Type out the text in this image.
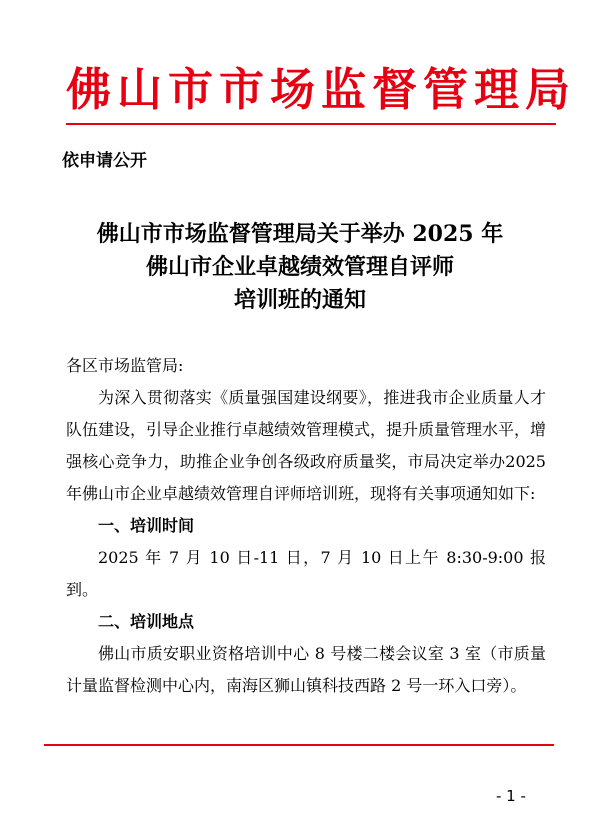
佛山市市场监督管理局
依申请公开
佛山市市场监督管理局关于举办 2025 年
佛山市企业卓越绩效管理自评师
培训班的通知
各区市场监管局:
为深入贯彻落实《质量强国建设纲要》，推进我市企业质量人才队伍建设，引导企业推行卓越绩效管理模式，提升质量管理水平，增强核心竞争力，助推企业争创各级政府质量奖，市局决定举办2025年佛山市企业卓越绩效管理自评师培训班，现将有关事项通知如下:
一、培训时间
2025 年 7 月 10 日-11 日，7 月 10 日上午 8:30-9:00 报到。
二、培训地点
佛山市质安职业资格培训中心 8 号楼二楼会议室 3 室（市质量计量监督检测中心内，南海区狮山镇科技西路 2 号一环入口旁）。
- 1 -
